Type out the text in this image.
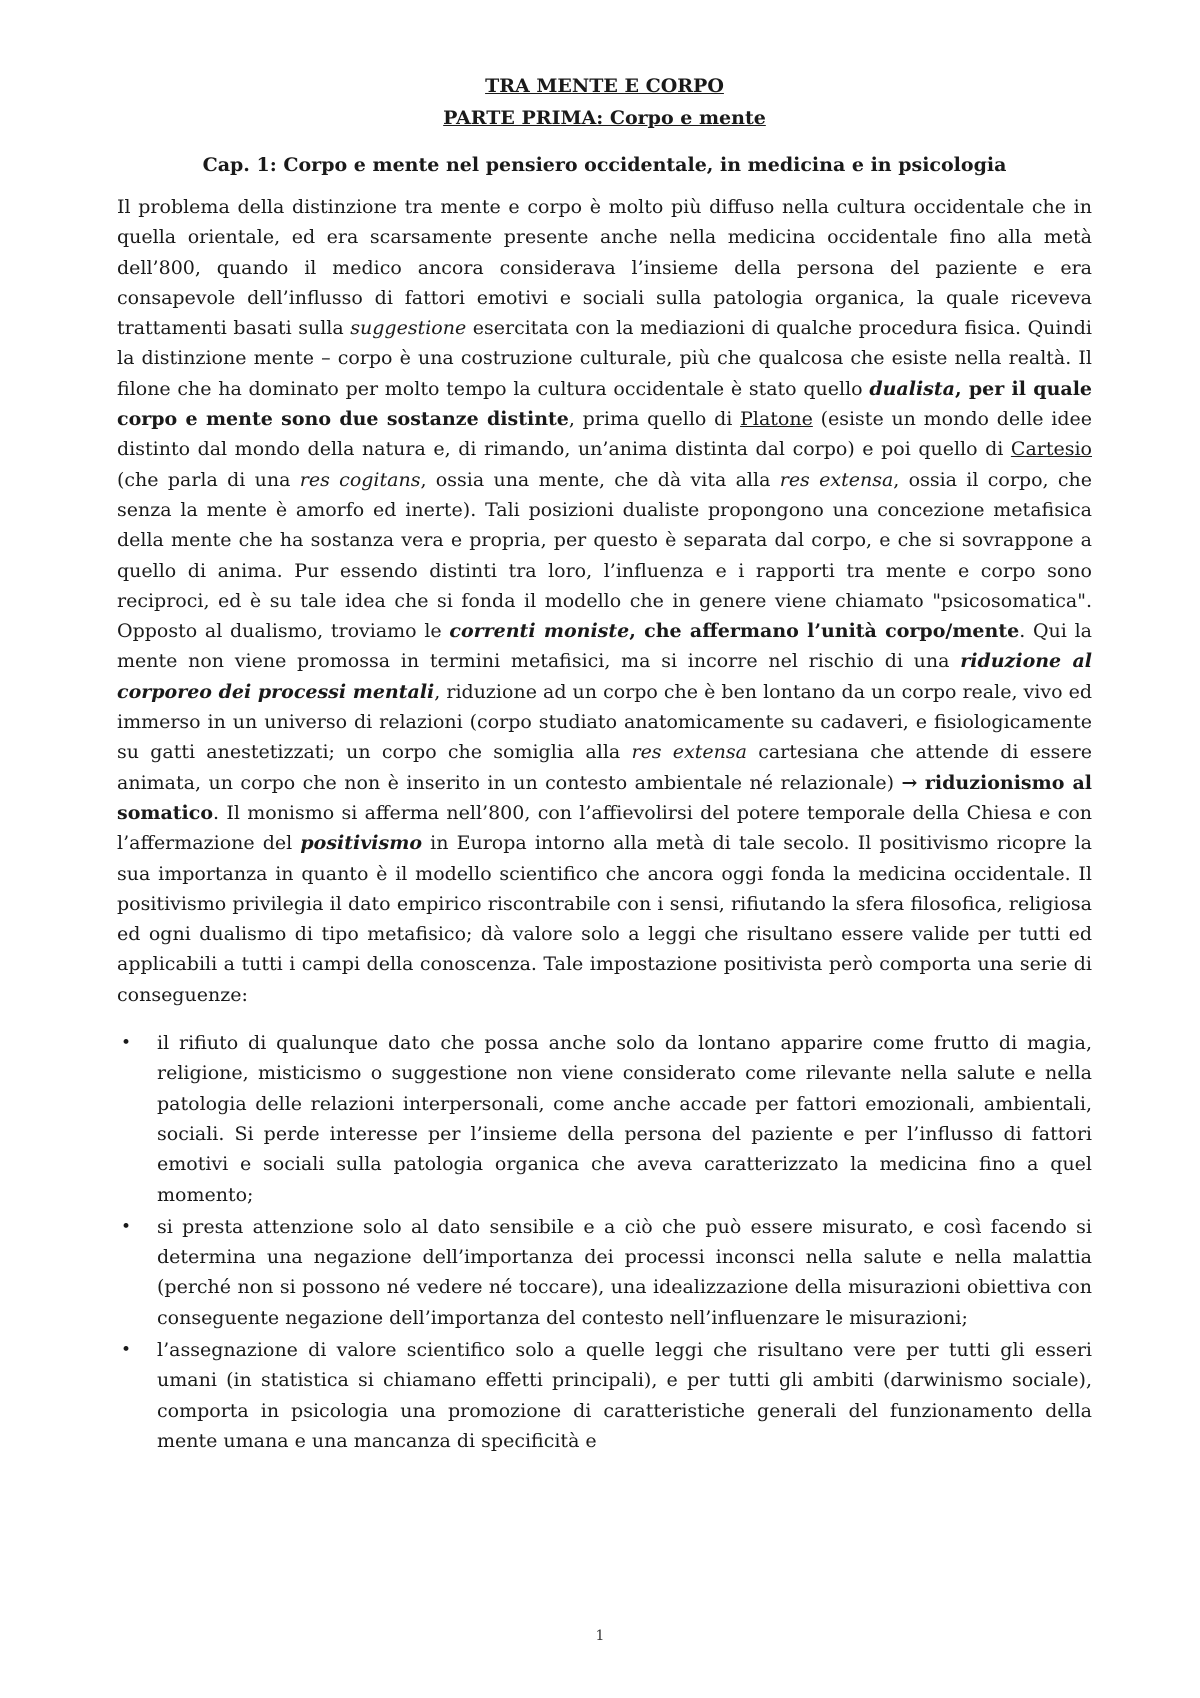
TRA MENTE E CORPO
PARTE PRIMA: Corpo e mente
Cap. 1: Corpo e mente nel pensiero occidentale, in medicina e in psicologia

Il problema della distinzione tra mente e corpo è molto più diffuso nella cultura occidentale che in quella orientale, ed era scarsamente presente anche nella medicina occidentale fino alla metà dell’800, quando il medico ancora considerava l’insieme della persona del paziente e era consapevole dell’influsso di fattori emotivi e sociali sulla patologia organica, la quale riceveva trattamenti basati sulla suggestione esercitata con la mediazioni di qualche procedura fisica. Quindi la distinzione mente – corpo è una costruzione culturale, più che qualcosa che esiste nella realtà. Il filone che ha dominato per molto tempo la cultura occidentale è stato quello dualista, per il quale corpo e mente sono due sostanze distinte, prima quello di Platone (esiste un mondo delle idee distinto dal mondo della natura e, di rimando, un’anima distinta dal corpo) e poi quello di Cartesio (che parla di una res cogitans, ossia una mente, che dà vita alla res extensa, ossia il corpo, che senza la mente è amorfo ed inerte). Tali posizioni dualiste propongono una concezione metafisica della mente che ha sostanza vera e propria, per questo è separata dal corpo, e che si sovrappone a quello di anima. Pur essendo distinti tra loro, l’influenza e i rapporti tra mente e corpo sono reciproci, ed è su tale idea che si fonda il modello che in genere viene chiamato "psicosomatica". Opposto al dualismo, troviamo le correnti moniste, che affermano l’unità corpo/mente. Qui la mente non viene promossa in termini metafisici, ma si incorre nel rischio di una riduzione al corporeo dei processi mentali, riduzione ad un corpo che è ben lontano da un corpo reale, vivo ed immerso in un universo di relazioni (corpo studiato anatomicamente su cadaveri, e fisiologicamente su gatti anestetizzati; un corpo che somiglia alla res extensa cartesiana che attende di essere animata, un corpo che non è inserito in un contesto ambientale né relazionale) → riduzionismo al somatico. Il monismo si afferma nell’800, con l’affievolirsi del potere temporale della Chiesa e con l’affermazione del positivismo in Europa intorno alla metà di tale secolo. Il positivismo ricopre la sua importanza in quanto è il modello scientifico che ancora oggi fonda la medicina occidentale. Il positivismo privilegia il dato empirico riscontrabile con i sensi, rifiutando la sfera filosofica, religiosa ed ogni dualismo di tipo metafisico; dà valore solo a leggi che risultano essere valide per tutti ed applicabili a tutti i campi della conoscenza. Tale impostazione positivista però comporta una serie di conseguenze:

• il rifiuto di qualunque dato che possa anche solo da lontano apparire come frutto di magia, religione, misticismo o suggestione non viene considerato come rilevante nella salute e nella patologia delle relazioni interpersonali, come anche accade per fattori emozionali, ambientali, sociali. Si perde interesse per l’insieme della persona del paziente e per l’influsso di fattori emotivi e sociali sulla patologia organica che aveva caratterizzato la medicina fino a quel momento;
• si presta attenzione solo al dato sensibile e a ciò che può essere misurato, e così facendo si determina una negazione dell’importanza dei processi inconsci nella salute e nella malattia (perché non si possono né vedere né toccare), una idealizzazione della misurazioni obiettiva con conseguente negazione dell’importanza del contesto nell’influenzare le misurazioni;
• l’assegnazione di valore scientifico solo a quelle leggi che risultano vere per tutti gli esseri umani (in statistica si chiamano effetti principali), e per tutti gli ambiti (darwinismo sociale), comporta in psicologia una promozione di caratteristiche generali del funzionamento della mente umana e una mancanza di specificità e
1
